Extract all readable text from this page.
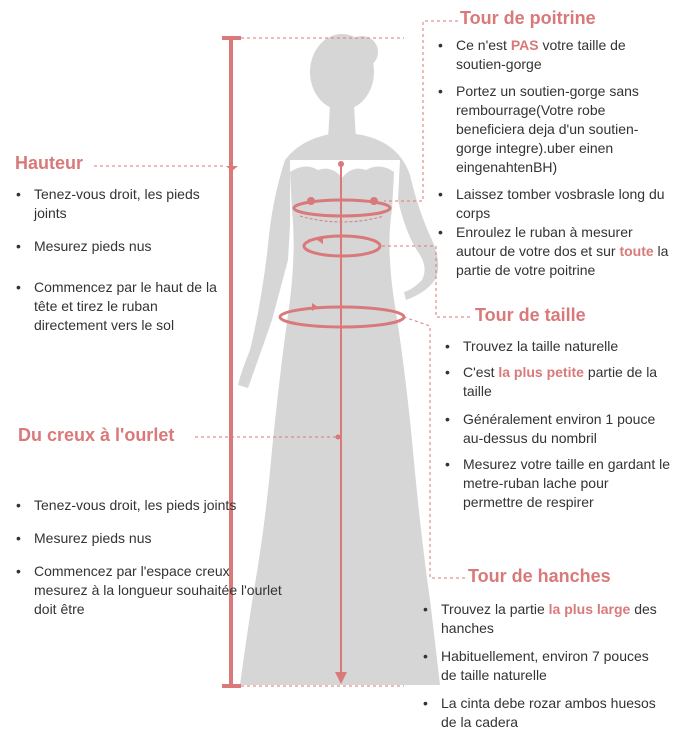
Tour de poitrine
Hauteur
Du creux à l'ourlet
Tour de taille
Tour de hanches
• Ce n'est PAS votre taille de soutien-gorge
• Portez un soutien-gorge sans rembourrage(Votre robe beneficiera deja d'un soutien-gorge integre).uber einen eingenahtenBH)
• Laissez tomber vosbrasle long du corps
• Enroulez le ruban à mesurer autour de votre dos et sur toute la partie de votre poitrine
• Tenez-vous droit, les pieds joints
• Mesurez pieds nus
• Commencez par le haut de la tête et tirez le ruban directement vers le sol
• Tenez-vous droit, les pieds joints
• Mesurez pieds nus
• Commencez par l'espace creux mesurez à la longueur souhaitée l'ourlet doit être
• Trouvez la taille naturelle
• C'est la plus petite partie de la taille
• Généralement environ 1 pouce au-dessus du nombril
• Mesurez votre taille en gardant le metre-ruban lache pour permettre de respirer
• Trouvez la partie la plus large des hanches
• Habituellement, environ 7 pouces de taille naturelle
• La cinta debe rozar ambos huesos de la cadera
